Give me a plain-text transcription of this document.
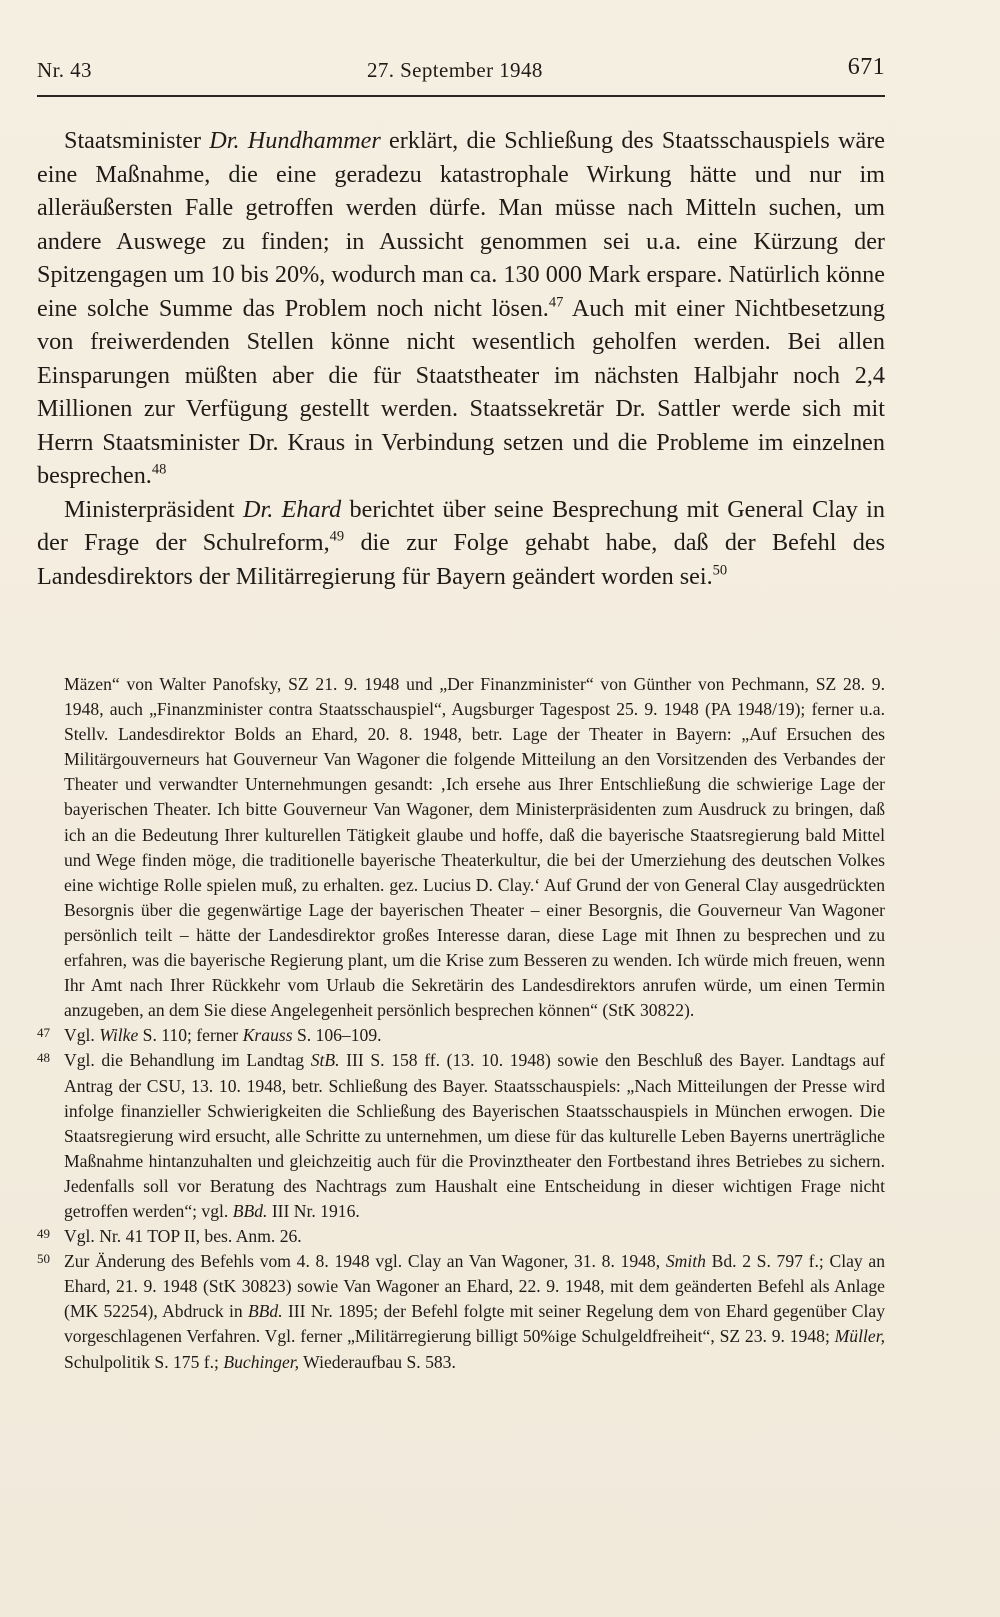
Nr. 43	27. September 1948	671

Staatsminister Dr. Hundhammer erklärt, die Schließung des Staatsschauspiels wäre eine Maßnahme, die eine geradezu katastrophale Wirkung hätte und nur im alleräußersten Falle getroffen werden dürfe. Man müsse nach Mitteln suchen, um andere Auswege zu finden; in Aussicht genommen sei u.a. eine Kürzung der Spitzengagen um 10 bis 20%, wodurch man ca. 130 000 Mark erspare. Natürlich könne eine solche Summe das Problem noch nicht lösen.$^{47}$ Auch mit einer Nichtbesetzung von freiwerdenden Stellen könne nicht wesentlich geholfen werden. Bei allen Einsparungen müßten aber die für Staatstheater im nächsten Halbjahr noch 2,4 Millionen zur Verfügung gestellt werden. Staatssekretär Dr. Sattler werde sich mit Herrn Staatsminister Dr. Kraus in Verbindung setzen und die Probleme im einzelnen besprechen.$^{48}$

Ministerpräsident Dr. Ehard berichtet über seine Besprechung mit General Clay in der Frage der Schulreform,$^{49}$ die zur Folge gehabt habe, daß der Befehl des Landesdirektors der Militärregierung für Bayern geändert worden sei.$^{50}$

Mäzen“ von Walter Panofsky, SZ 21. 9. 1948 und „Der Finanzminister“ von Günther von Pechmann, SZ 28. 9. 1948, auch „Finanzminister contra Staatsschauspiel“, Augsburger Tagespost 25. 9. 1948 (PA 1948/19); ferner u.a. Stellv. Landesdirektor Bolds an Ehard, 20. 8. 1948, betr. Lage der Theater in Bayern: „Auf Ersuchen des Militärgouverneurs hat Gouverneur Van Wagoner die folgende Mitteilung an den Vorsitzenden des Verbandes der Theater und verwandter Unternehmungen gesandt: ‚Ich ersehe aus Ihrer Entschließung die schwierige Lage der bayerischen Theater. Ich bitte Gouverneur Van Wagoner, dem Ministerpräsidenten zum Ausdruck zu bringen, daß ich an die Bedeutung Ihrer kulturellen Tätigkeit glaube und hoffe, daß die bayerische Staatsregierung bald Mittel und Wege finden möge, die traditionelle bayerische Theaterkultur, die bei der Umerziehung des deutschen Volkes eine wichtige Rolle spielen muß, zu erhalten. gez. Lucius D. Clay.‘ Auf Grund der von General Clay ausgedrückten Besorgnis über die gegenwärtige Lage der bayerischen Theater – einer Besorgnis, die Gouverneur Van Wagoner persönlich teilt – hätte der Landesdirektor großes Interesse daran, diese Lage mit Ihnen zu besprechen und zu erfahren, was die bayerische Regierung plant, um die Krise zum Besseren zu wenden. Ich würde mich freuen, wenn Ihr Amt nach Ihrer Rückkehr vom Urlaub die Sekretärin des Landesdirektors anrufen würde, um einen Termin anzugeben, an dem Sie diese Angelegenheit persönlich besprechen können“ (StK 30822).

47 Vgl. Wilke S. 110; ferner Krauss S. 106–109.

48 Vgl. die Behandlung im Landtag StB. III S. 158 ff. (13. 10. 1948) sowie den Beschluß des Bayer. Landtags auf Antrag der CSU, 13. 10. 1948, betr. Schließung des Bayer. Staatsschauspiels: „Nach Mitteilungen der Presse wird infolge finanzieller Schwierigkeiten die Schließung des Bayerischen Staatsschauspiels in München erwogen. Die Staatsregierung wird ersucht, alle Schritte zu unternehmen, um diese für das kulturelle Leben Bayerns unerträgliche Maßnahme hintanzuhalten und gleichzeitig auch für die Provinztheater den Fortbestand ihres Betriebes zu sichern. Jedenfalls soll vor Beratung des Nachtrags zum Haushalt eine Entscheidung in dieser wichtigen Frage nicht getroffen werden“; vgl. BBd. III Nr. 1916.

49 Vgl. Nr. 41 TOP II, bes. Anm. 26.

50 Zur Änderung des Befehls vom 4. 8. 1948 vgl. Clay an Van Wagoner, 31. 8. 1948, Smith Bd. 2 S. 797 f.; Clay an Ehard, 21. 9. 1948 (StK 30823) sowie Van Wagoner an Ehard, 22. 9. 1948, mit dem geänderten Befehl als Anlage (MK 52254), Abdruck in BBd. III Nr. 1895; der Befehl folgte mit seiner Regelung dem von Ehard gegenüber Clay vorgeschlagenen Verfahren. Vgl. ferner „Militärregierung billigt 50%ige Schulgeldfreiheit“, SZ 23. 9. 1948; Müller, Schulpolitik S. 175 f.; Buchinger, Wiederaufbau S. 583.
